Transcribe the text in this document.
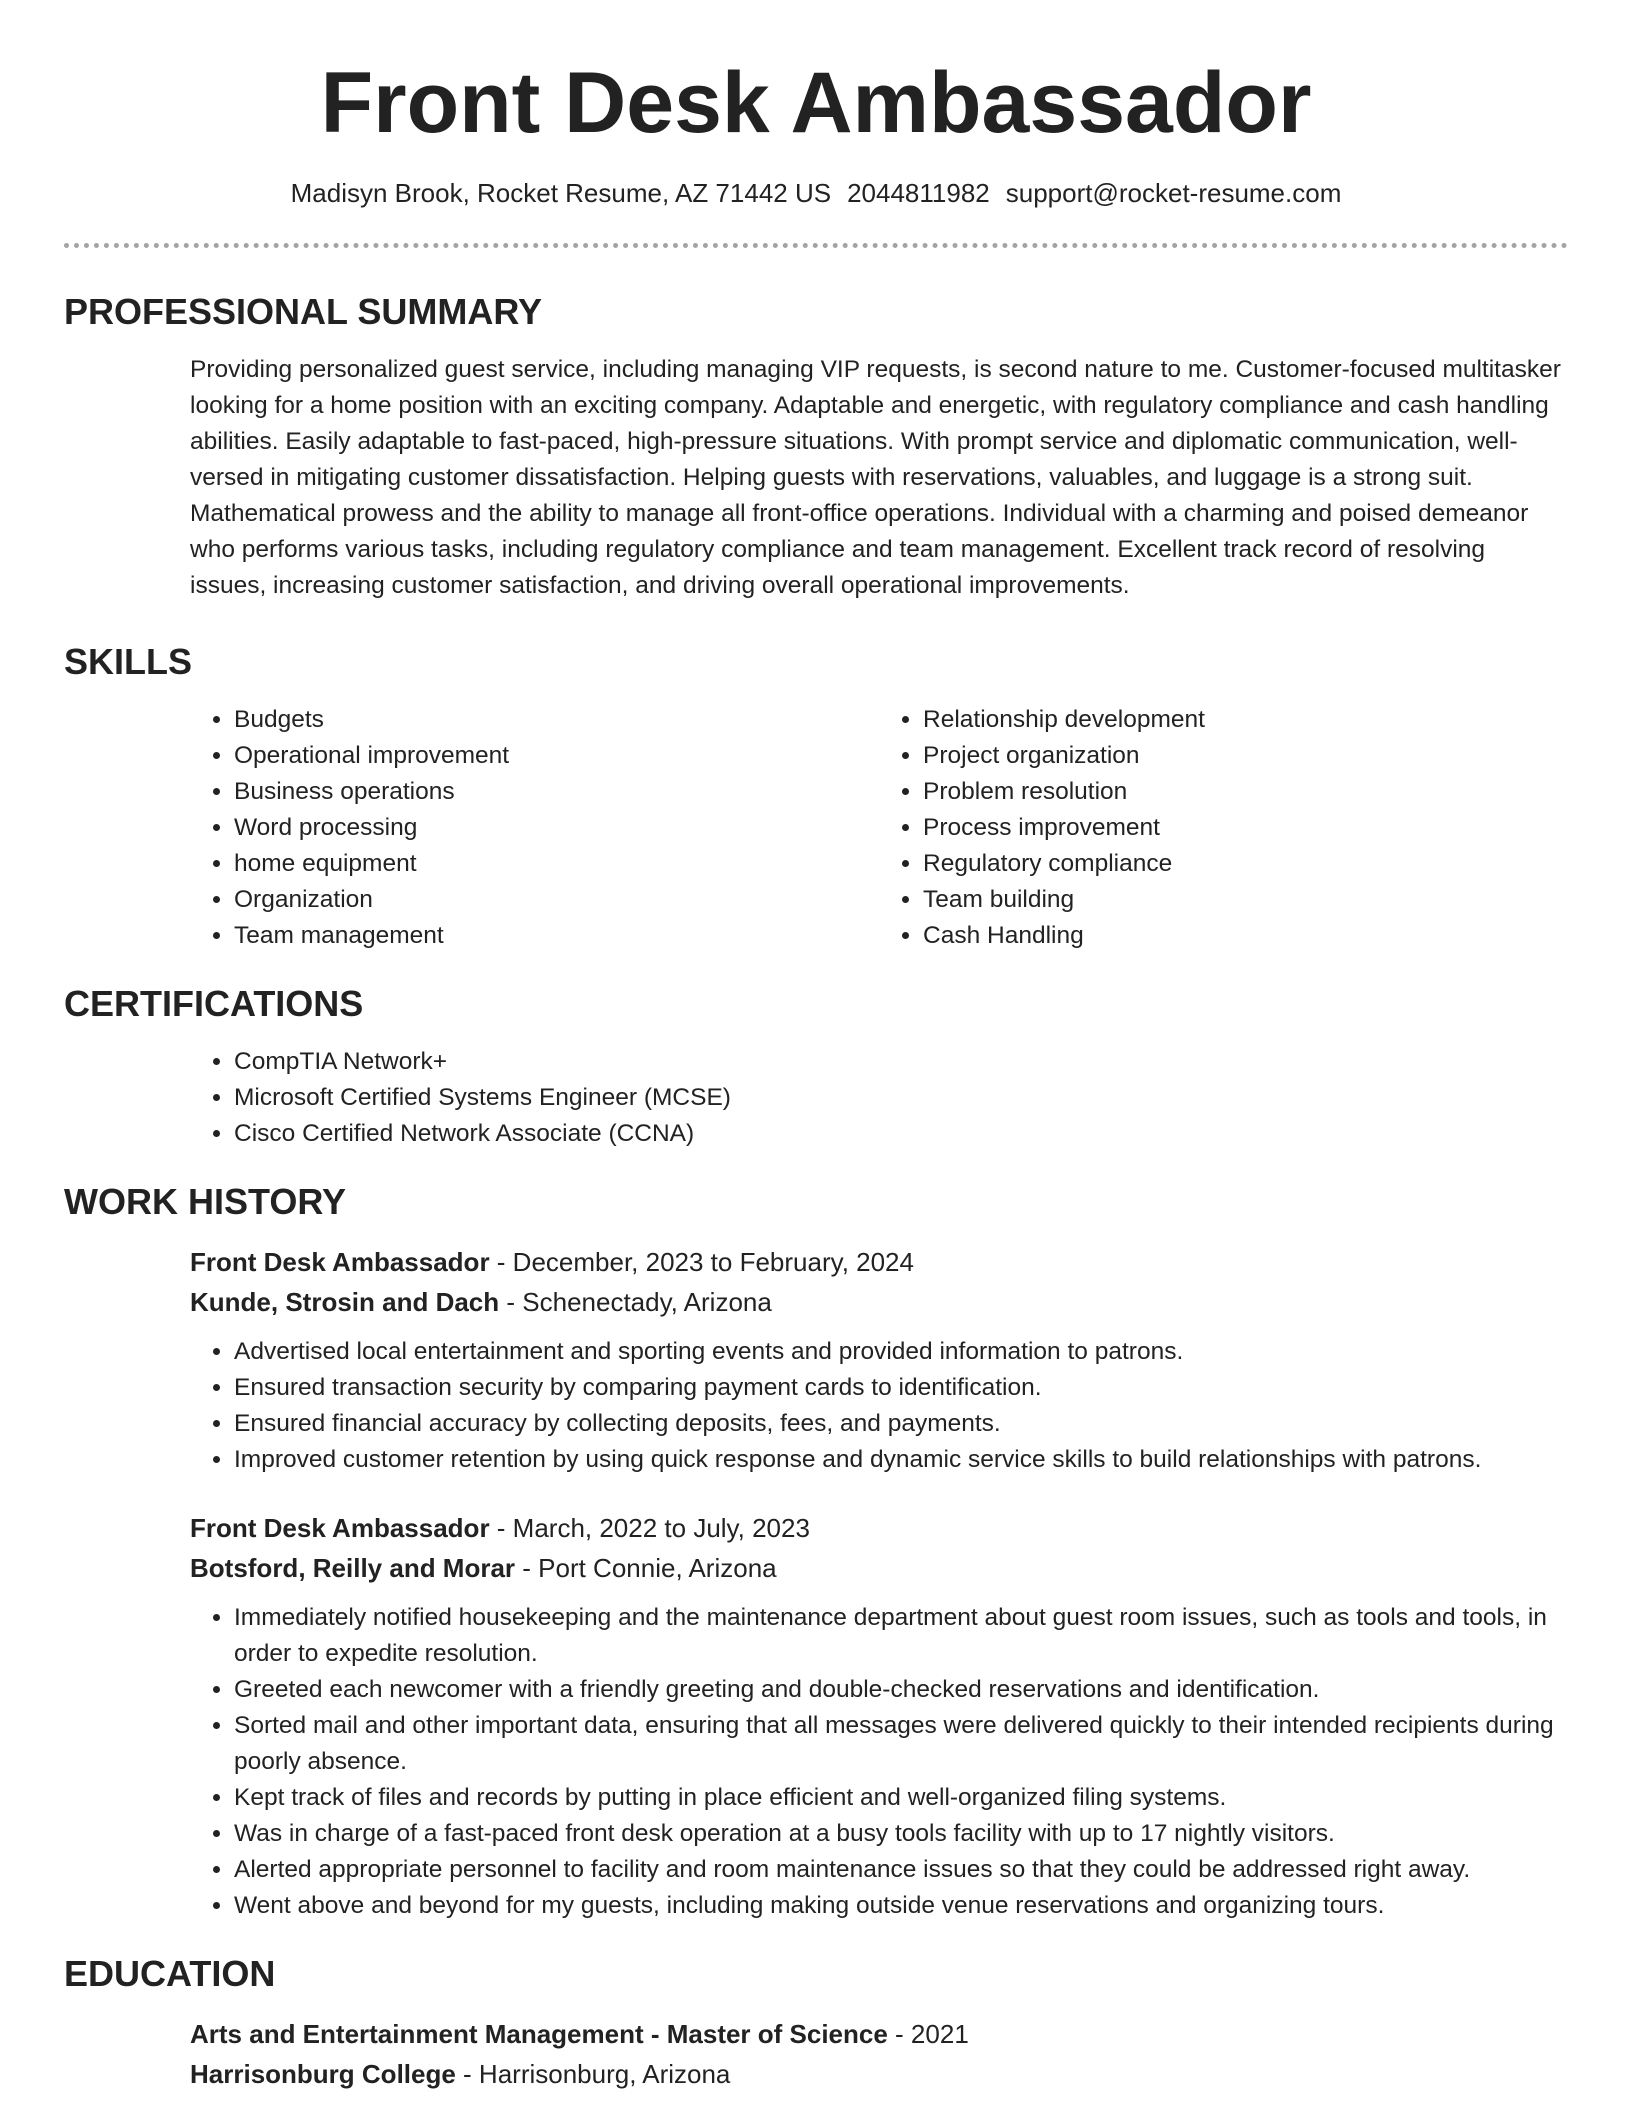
Front Desk Ambassador
Madisyn Brook, Rocket Resume, AZ 71442 US 2044811982 support@rocket-resume.com
PROFESSIONAL SUMMARY

Providing personalized guest service, including managing VIP requests, is second nature to me. Customer-focused multitasker looking for a home position with an exciting company. Adaptable and energetic, with regulatory compliance and cash handling abilities. Easily adaptable to fast-paced, high-pressure situations. With prompt service and diplomatic communication, well-versed in mitigating customer dissatisfaction. Helping guests with reservations, valuables, and luggage is a strong suit. Mathematical prowess and the ability to manage all front-office operations. Individual with a charming and poised demeanor who performs various tasks, including regulatory compliance and team management. Excellent track record of resolving issues, increasing customer satisfaction, and driving overall operational improvements.

SKILLS
• Budgets
• Operational improvement
• Business operations
• Word processing
• home equipment
• Organization
• Team management
• Relationship development
• Project organization
• Problem resolution
• Process improvement
• Regulatory compliance
• Team building
• Cash Handling
CERTIFICATIONS
• CompTIA Network+
• Microsoft Certified Systems Engineer (MCSE)
• Cisco Certified Network Associate (CCNA)
WORK HISTORY

Front Desk Ambassador - December, 2023 to February, 2024

Kunde, Strosin and Dach - Schenectady, Arizona

• Advertised local entertainment and sporting events and provided information to patrons.
• Ensured transaction security by comparing payment cards to identification.
• Ensured financial accuracy by collecting deposits, fees, and payments.
• Improved customer retention by using quick response and dynamic service skills to build relationships with patrons.

Front Desk Ambassador - March, 2022 to July, 2023

Botsford, Reilly and Morar - Port Connie, Arizona

• Immediately notified housekeeping and the maintenance department about guest room issues, such as tools and tools, in order to expedite resolution.
• Greeted each newcomer with a friendly greeting and double-checked reservations and identification.
• Sorted mail and other important data, ensuring that all messages were delivered quickly to their intended recipients during poorly absence.
• Kept track of files and records by putting in place efficient and well-organized filing systems.
• Was in charge of a fast-paced front desk operation at a busy tools facility with up to 17 nightly visitors.
• Alerted appropriate personnel to facility and room maintenance issues so that they could be addressed right away.
• Went above and beyond for my guests, including making outside venue reservations and organizing tours.
EDUCATION

Arts and Entertainment Management - Master of Science - 2021

Harrisonburg College - Harrisonburg, Arizona
